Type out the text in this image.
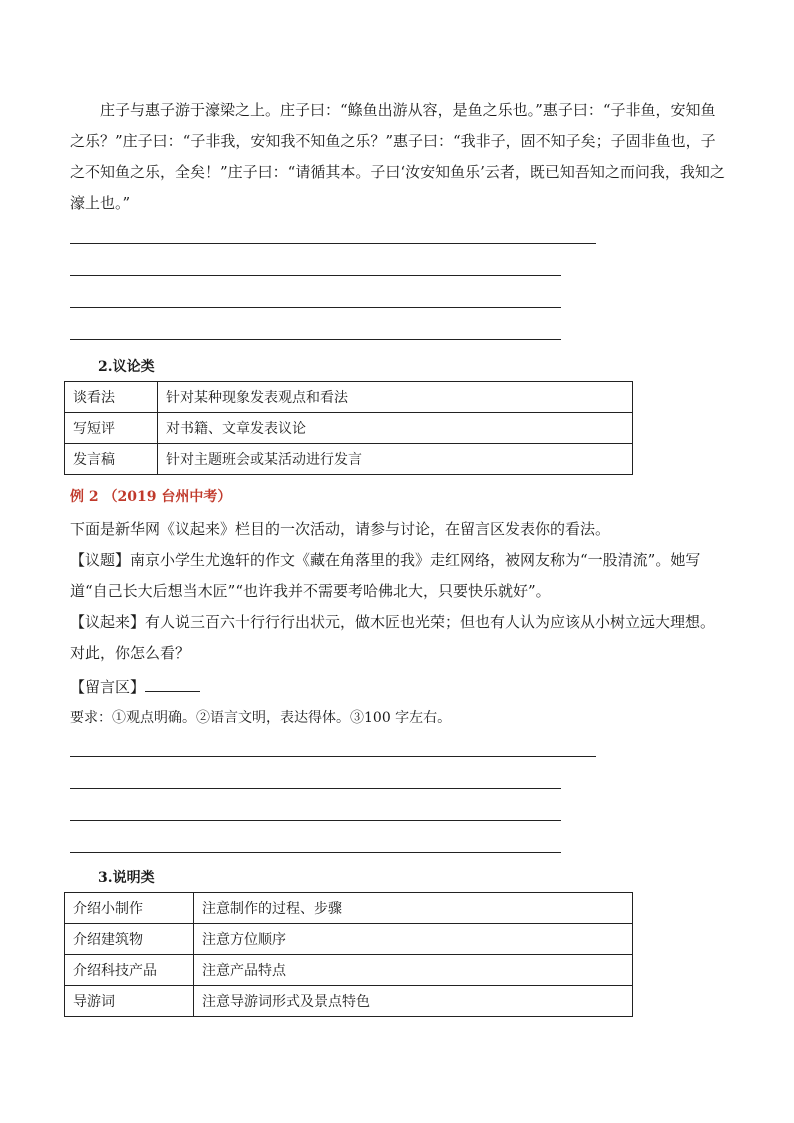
庄子与惠子游于濠梁之上。庄子曰：“鲦鱼出游从容，是鱼之乐也。”惠子曰：“子非鱼，安知鱼之乐？”庄子曰：“子非我，安知我不知鱼之乐？”惠子曰：“我非子，固不知子矣；子固非鱼也，子之不知鱼之乐，全矣！”庄子曰：“请循其本。子曰‘汝安知鱼乐’云者，既已知吾知之而问我，我知之濠上也。”

2.议论类

谈看法	针对某种现象发表观点和看法
写短评	对书籍、文章发表议论
发言稿	针对主题班会或某活动进行发言

例 2 （2019 台州中考）

下面是新华网《议起来》栏目的一次活动，请参与讨论，在留言区发表你的看法。

【议题】南京小学生尤逸轩的作文《藏在角落里的我》走红网络，被网友称为“一股清流”。她写道“自己长大后想当木匠”“也许我并不需要考哈佛北大，只要快乐就好”。

【议起来】有人说三百六十行行行出状元，做木匠也光荣；但也有人认为应该从小树立远大理想。对此，你怎么看？

【留言区】

要求：①观点明确。②语言文明，表达得体。③100 字左右。

3.说明类

介绍小制作	注意制作的过程、步骤
介绍建筑物	注意方位顺序
介绍科技产品	注意产品特点
导游词	注意导游词形式及景点特色
